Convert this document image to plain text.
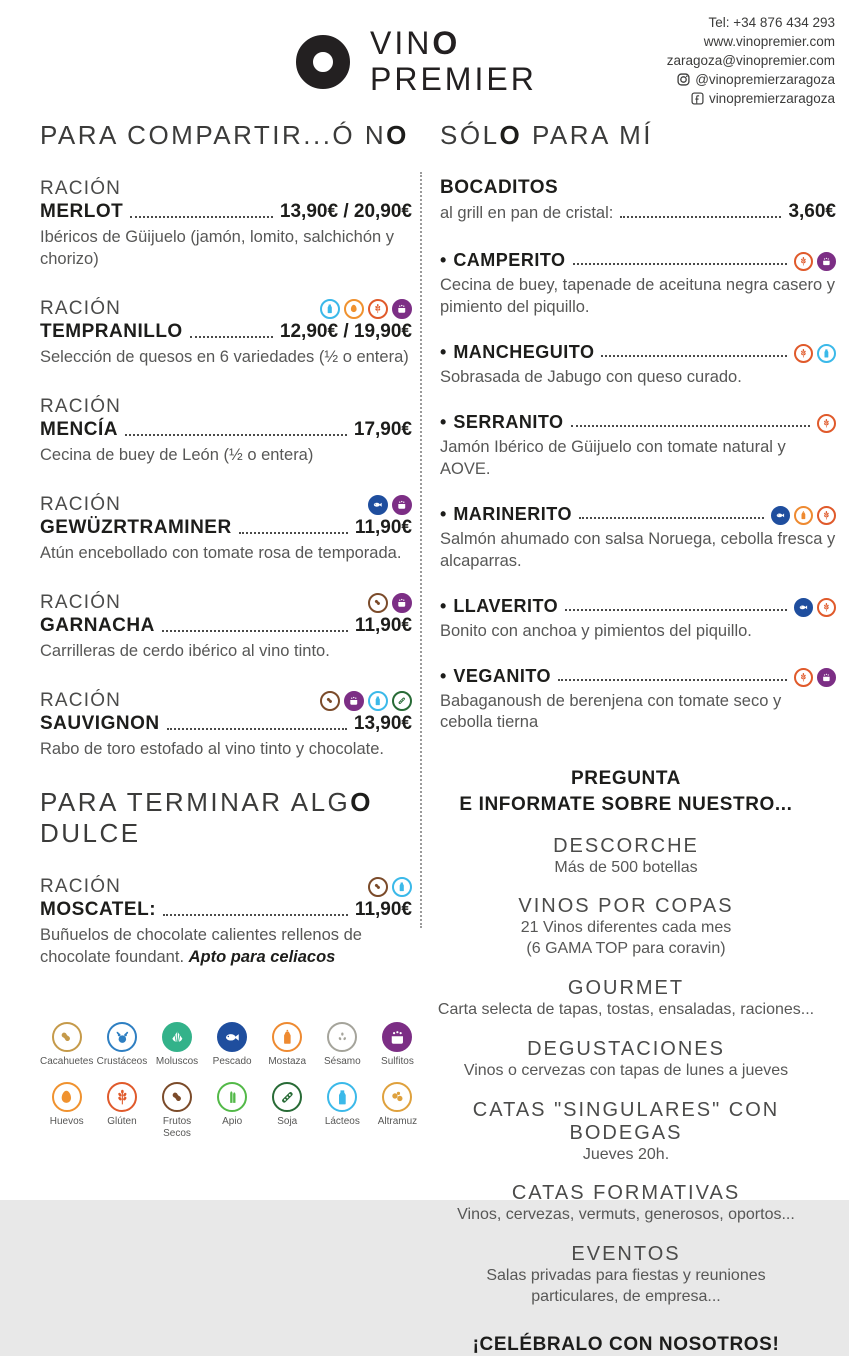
VINO
PREMIER
Tel: +34 876 434 293
www.vinopremier.com
zaragoza@vinopremier.com
@vinopremierzaragoza
vinopremierzaragoza
PARA COMPARTIR...Ó NO
RACIÓN
MERLOT	13,90€ / 20,90€
Ibéricos de Güijuelo (jamón, lomito, salchichón y chorizo)
RACIÓN
TEMPRANILLO	12,90€ / 19,90€
Selección de quesos en 6 variedades (½ o entera)
RACIÓN
MENCÍA	17,90€
Cecina de buey de León (½ o entera)
RACIÓN
GEWÜZRTRAMINER	11,90€
Atún encebollado con tomate rosa de temporada.
RACIÓN
GARNACHA	11,90€
Carrilleras de cerdo ibérico al vino tinto.
RACIÓN
SAUVIGNON	13,90€
Rabo de toro estofado al vino tinto y chocolate.
PARA TERMINAR ALGO DULCE
RACIÓN
MOSCATEL:	11,90€
Buñuelos de chocolate calientes rellenos de chocolate foundant. Apto para celiacos
Cacahuetes Crustáceos Moluscos Pescado Mostaza Sésamo Sulfitos
Huevos Glúten	Frutos Secos
Apio	Soja	Lácteos Altramuz
SÓLO PARA MÍ
BOCADITOS
al grill en pan de cristal:	3,60€
• CAMPERITO
Cecina de buey, tapenade de aceituna negra casero y pimiento del piquillo.
• MANCHEGUITO
Sobrasada de Jabugo con queso curado.
• SERRANITO
Jamón Ibérico de Güijuelo con tomate natural y AOVE.
• MARINERITO
Salmón ahumado con salsa Noruega, cebolla fresca y alcaparras.
• LLAVERITO
Bonito con anchoa y pimientos del piquillo.
• VEGANITO
Babaganoush de berenjena con tomate seco y cebolla tierna
PREGUNTA
E INFORMATE SOBRE NUESTRO...
DESCORCHE
Más de 500 botellas
VINOS POR COPAS
21 Vinos diferentes cada mes
(6 GAMA TOP para coravin)
GOURMET
Carta selecta de tapas, tostas, ensaladas, raciones...
DEGUSTACIONES
Vinos o cervezas con tapas de lunes a jueves
CATAS "SINGULARES" CON BODEGAS
Jueves 20h.
CATAS FORMATIVAS
Vinos, cervezas, vermuts, generosos, oportos...
EVENTOS
Salas privadas para fiestas y reuniones
particulares, de empresa...
¡CELÉBRALO CON NOSOTROS!
